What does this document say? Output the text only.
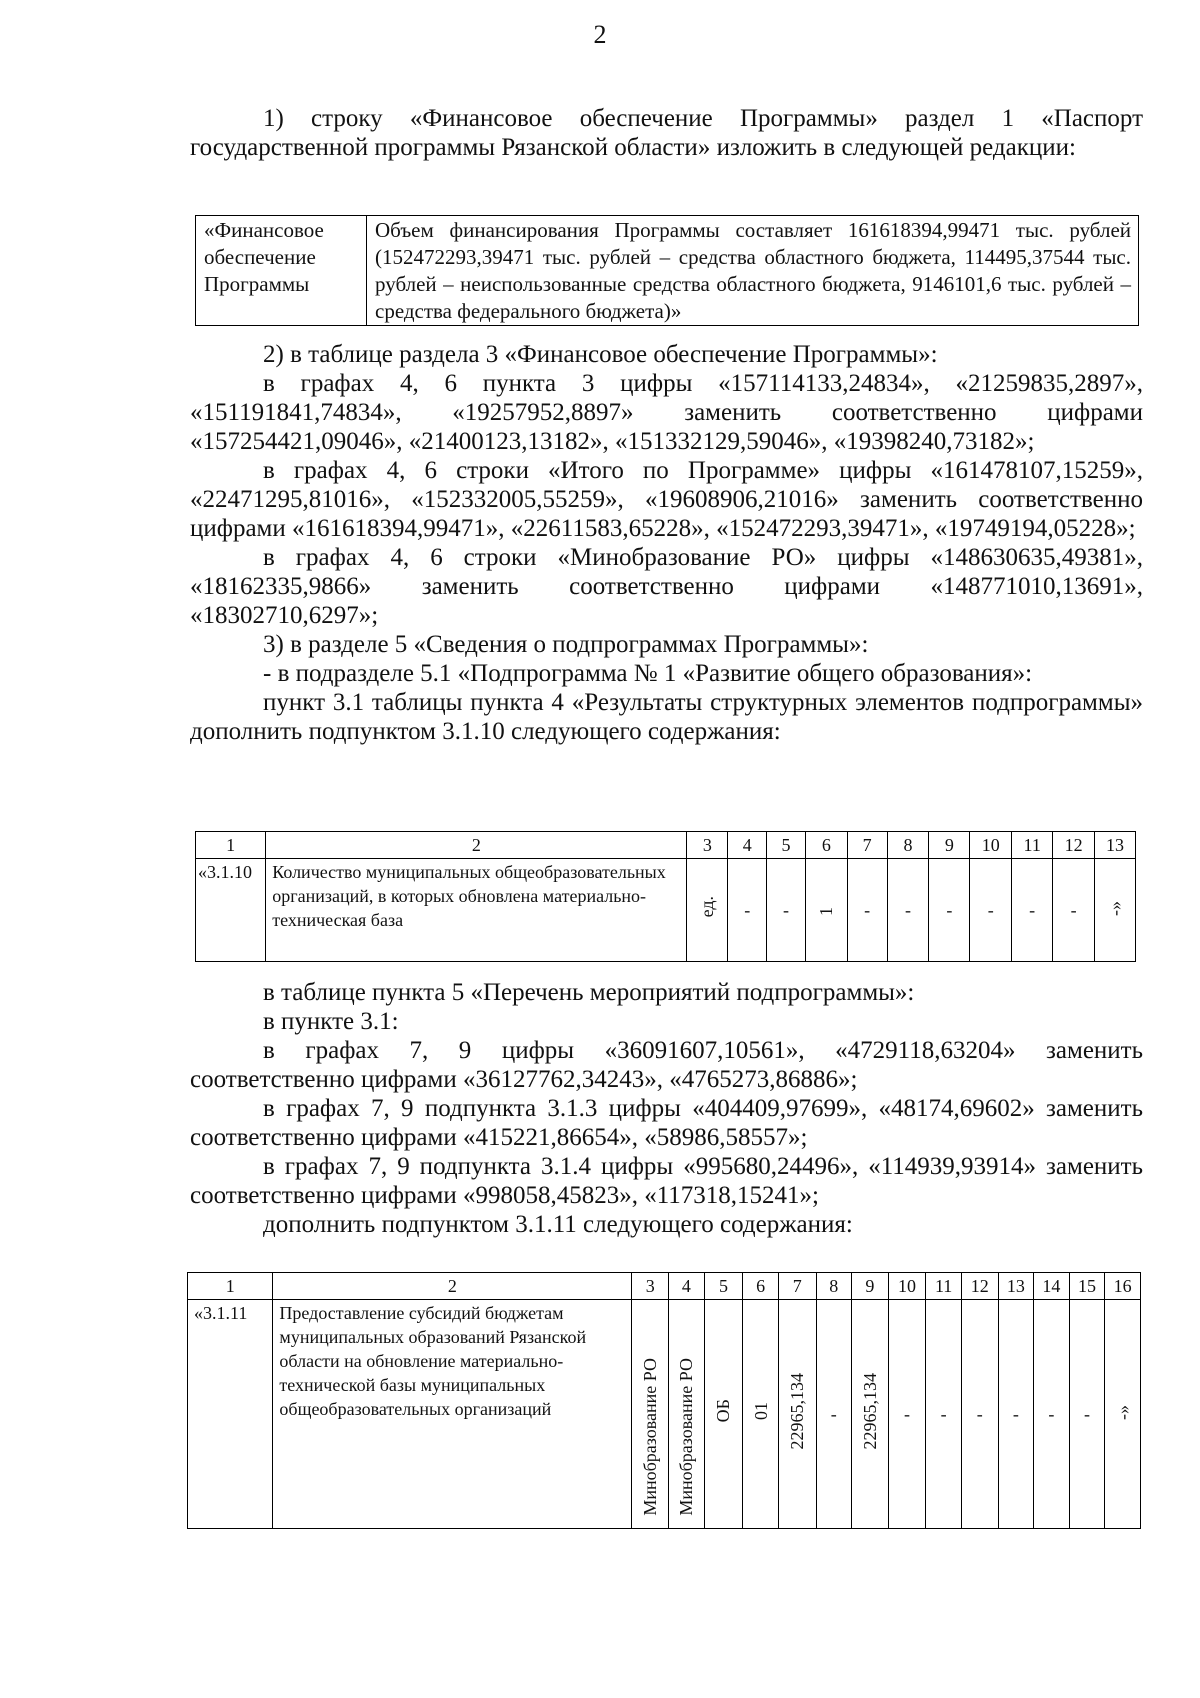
2

1) строку «Финансовое обеспечение Программы» раздел 1 «Паспорт государственной программы Рязанской области» изложить в следующей редакции:

«Финансовое обеспечение Программы	Объем финансирования Программы составляет 161618394,99471 тыс. рублей (152472293,39471 тыс. рублей – средства областного бюджета, 114495,37544 тыс. рублей – неиспользованные средства областного бюджета, 9146101,6 тыс. рублей – средства федерального бюджета)»

2) в таблице раздела 3 «Финансовое обеспечение Программы»:

в графах 4, 6 пункта 3 цифры «157114133,24834», «21259835,2897», «151191841,74834», «19257952,8897» заменить соответственно цифрами «157254421,09046», «21400123,13182», «151332129,59046», «19398240,73182»;

в графах 4, 6 строки «Итого по Программе» цифры «161478107,15259», «22471295,81016», «152332005,55259», «19608906,21016» заменить соответственно цифрами «161618394,99471», «22611583,65228», «152472293,39471», «19749194,05228»;

в графах 4, 6 строки «Минобразование РО» цифры «148630635,49381», «18162335,9866» заменить соответственно цифрами «148771010,13691», «18302710,6297»;

3) в разделе 5 «Сведения о подпрограммах Программы»:

- в подразделе 5.1 «Подпрограмма № 1 «Развитие общего образования»:

пункт 3.1 таблицы пункта 4 «Результаты структурных элементов подпрограммы» дополнить подпунктом 3.1.10 следующего содержания:

1	2	3	4	5	6	7	8	9	10	11	12	13
«3.1.10	Количество муниципальных общеобразовательных организаций, в которых обновлена материально-техническая база	ед.	-	-	1	-	-	-	-	-	-	-»

в таблице пункта 5 «Перечень мероприятий подпрограммы»:

в пункте 3.1:

в графах 7, 9 цифры «36091607,10561», «4729118,63204» заменить соответственно цифрами «36127762,34243», «4765273,86886»;

в графах 7, 9 подпункта 3.1.3 цифры «404409,97699», «48174,69602» заменить соответственно цифрами «415221,86654», «58986,58557»;

в графах 7, 9 подпункта 3.1.4 цифры «995680,24496», «114939,93914» заменить соответственно цифрами «998058,45823», «117318,15241»;

дополнить подпунктом 3.1.11 следующего содержания:

1	2	3	4	5	6	7	8	9	10	11	12	13	14	15	16
«3.1.11	Предоставление субсидий бюджетам муниципальных образований Рязанской области на обновление материально-технической базы муниципальных общеобразовательных организаций	Минобразование РО	Минобразование РО	ОБ	01	22965,134	-	22965,134	-	-	-	-	-	-	-»
